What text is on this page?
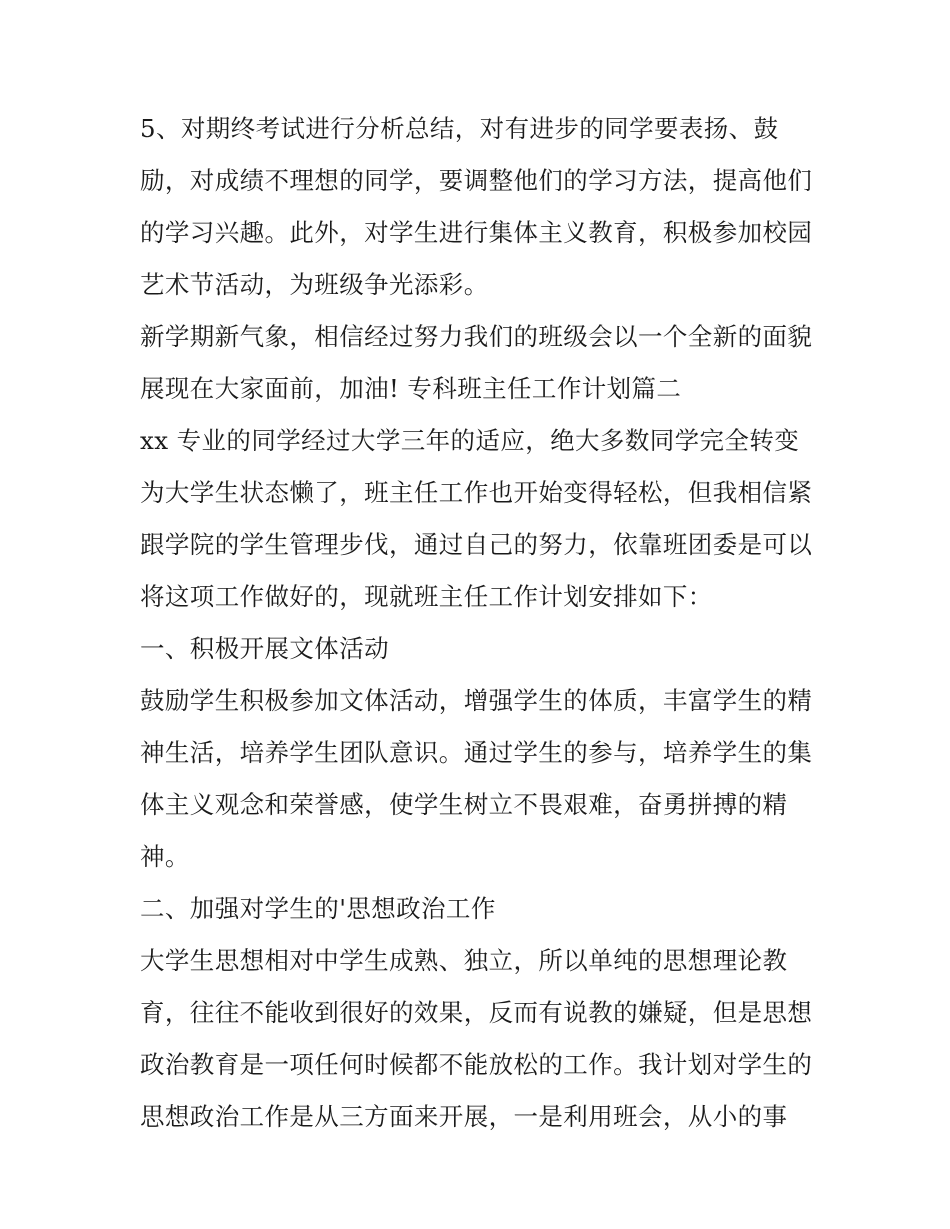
5、对期终考试进行分析总结，对有进步的同学要表扬、鼓
励，对成绩不理想的同学，要调整他们的学习方法，提高他们
的学习兴趣。此外，对学生进行集体主义教育，积极参加校园
艺术节活动，为班级争光添彩。
新学期新气象，相信经过努力我们的班级会以一个全新的面貌
展现在大家面前，加油! 专科班主任工作计划篇二
xx 专业的同学经过大学三年的适应，绝大多数同学完全转变
为大学生状态懒了，班主任工作也开始变得轻松，但我相信紧
跟学院的学生管理步伐，通过自己的努力，依靠班团委是可以
将这项工作做好的，现就班主任工作计划安排如下：
一、积极开展文体活动
鼓励学生积极参加文体活动，增强学生的体质，丰富学生的精
神生活，培养学生团队意识。通过学生的参与，培养学生的集
体主义观念和荣誉感，使学生树立不畏艰难，奋勇拼搏的精
神。
二、加强对学生的'思想政治工作
大学生思想相对中学生成熟、独立，所以单纯的思想理论教
育，往往不能收到很好的效果，反而有说教的嫌疑，但是思想
政治教育是一项任何时候都不能放松的工作。我计划对学生的
思想政治工作是从三方面来开展，一是利用班会，从小的事
